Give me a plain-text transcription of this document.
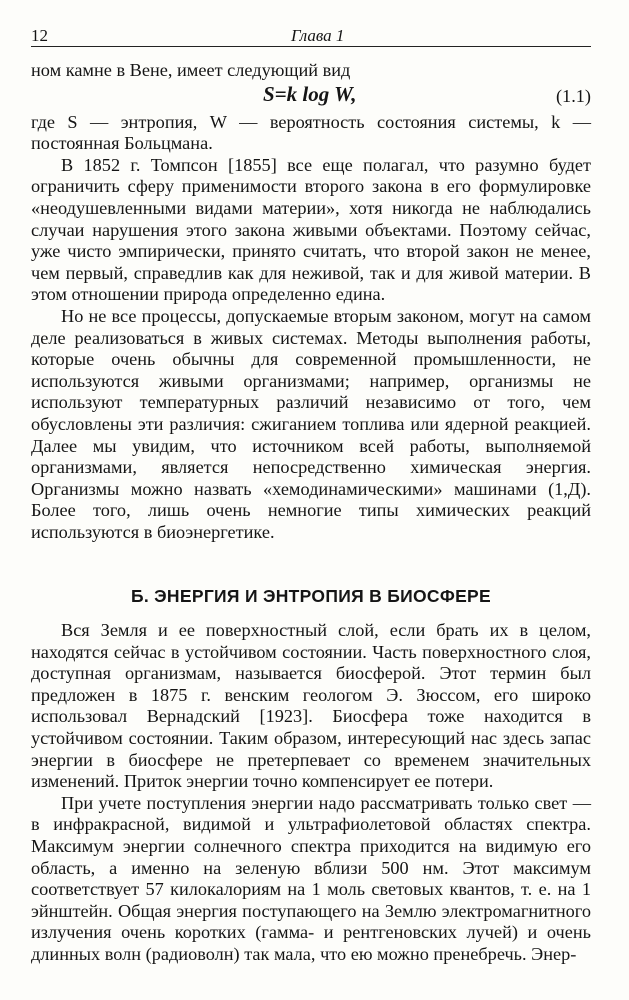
12	Глава 1

ном камне в Вене, имеет следующий вид

S=k log W,	(1.1)

где S — энтропия, W — вероятность состояния системы, k — постоянная Больцмана.

В 1852 г. Томпсон [1855] все еще полагал, что разумно будет ограничить сферу применимости второго закона в его формулировке «неодушевленными видами материи», хотя никогда не наблюдались случаи нарушения этого закона живыми объектами. Поэтому сейчас, уже чисто эмпирически, принято считать, что второй закон не менее, чем первый, справедлив как для неживой, так и для живой материи. В этом отношении природа определенно едина.

Но не все процессы, допускаемые вторым законом, могут на самом деле реализоваться в живых системах. Методы выполнения работы, которые очень обычны для современной промышленности, не используются живыми организмами; например, организмы не используют температурных различий независимо от того, чем обусловлены эти различия: сжиганием топлива или ядерной реакцией. Далее мы увидим, что источником всей работы, выполняемой организмами, является непосредственно химическая энергия. Организмы можно назвать «хемодинамическими» машинами (1,Д). Более того, лишь очень немногие типы химических реакций используются в биоэнергетике.

Б. ЭНЕРГИЯ И ЭНТРОПИЯ В БИОСФЕРЕ

Вся Земля и ее поверхностный слой, если брать их в целом, находятся сейчас в устойчивом состоянии. Часть поверхностного слоя, доступная организмам, называется биосферой. Этот термин был предложен в 1875 г. венским геологом Э. Зюссом, его широко использовал Вернадский [1923]. Биосфера тоже находится в устойчивом состоянии. Таким образом, интересующий нас здесь запас энергии в биосфере не претерпевает со временем значительных изменений. Приток энергии точно компенсирует ее потери.

При учете поступления энергии надо рассматривать только свет — в инфракрасной, видимой и ультрафиолетовой областях спектра. Максимум энергии солнечного спектра приходится на видимую его область, а именно на зеленую вблизи 500 нм. Этот максимум соответствует 57 килокалориям на 1 моль световых квантов, т. е. на 1 эйнштейн. Общая энергия поступающего на Землю электромагнитного излучения очень коротких (гамма- и рентгеновских лучей) и очень длинных волн (радиоволн) так мала, что ею можно пренебречь. Энер-
